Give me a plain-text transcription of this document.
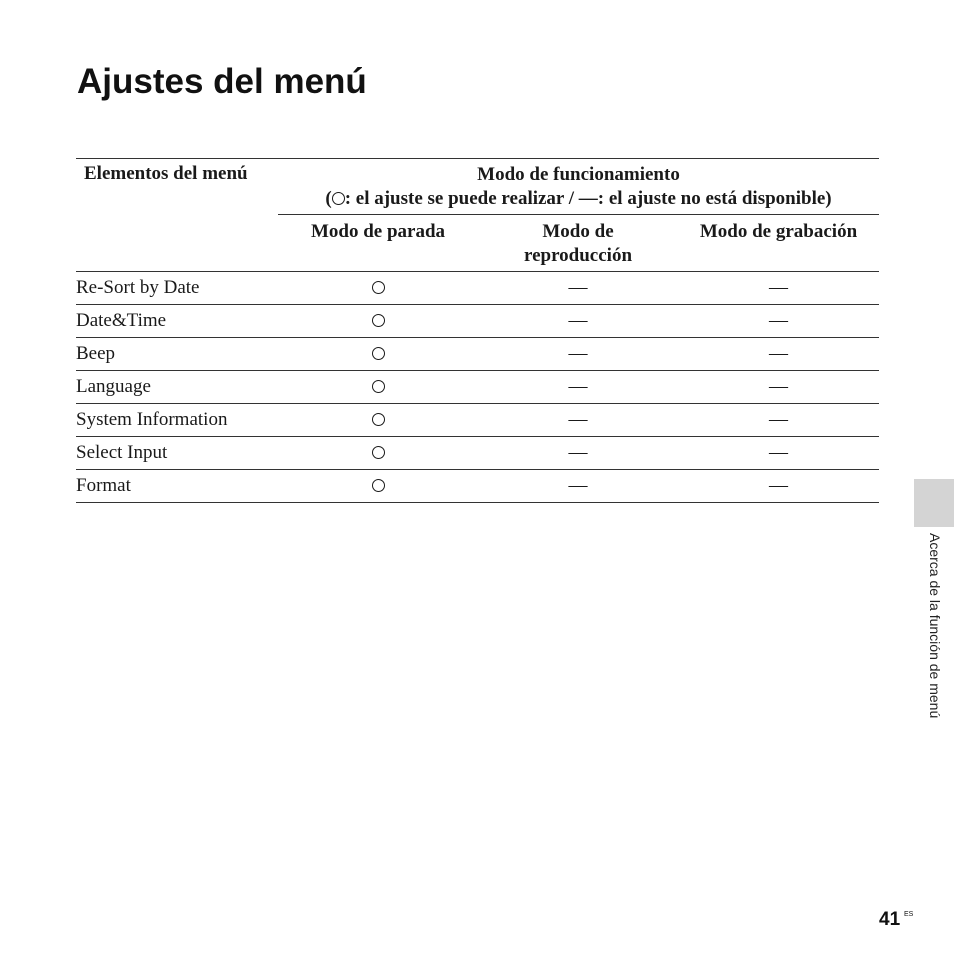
Ajustes del menú
Elementos del menú	Modo de funcionamiento
( : el ajuste se puede realizar / —: el ajuste no está disponible)		
	Modo de parada	Modo de
reproducción	Modo de grabación
Re-Sort by Date		—	—
Date&Time		—	—
Beep		—	—
Language		—	—
System Information		—	—
Select Input		—	—
Format		—	—
Acerca de la función de menú
41 ES
